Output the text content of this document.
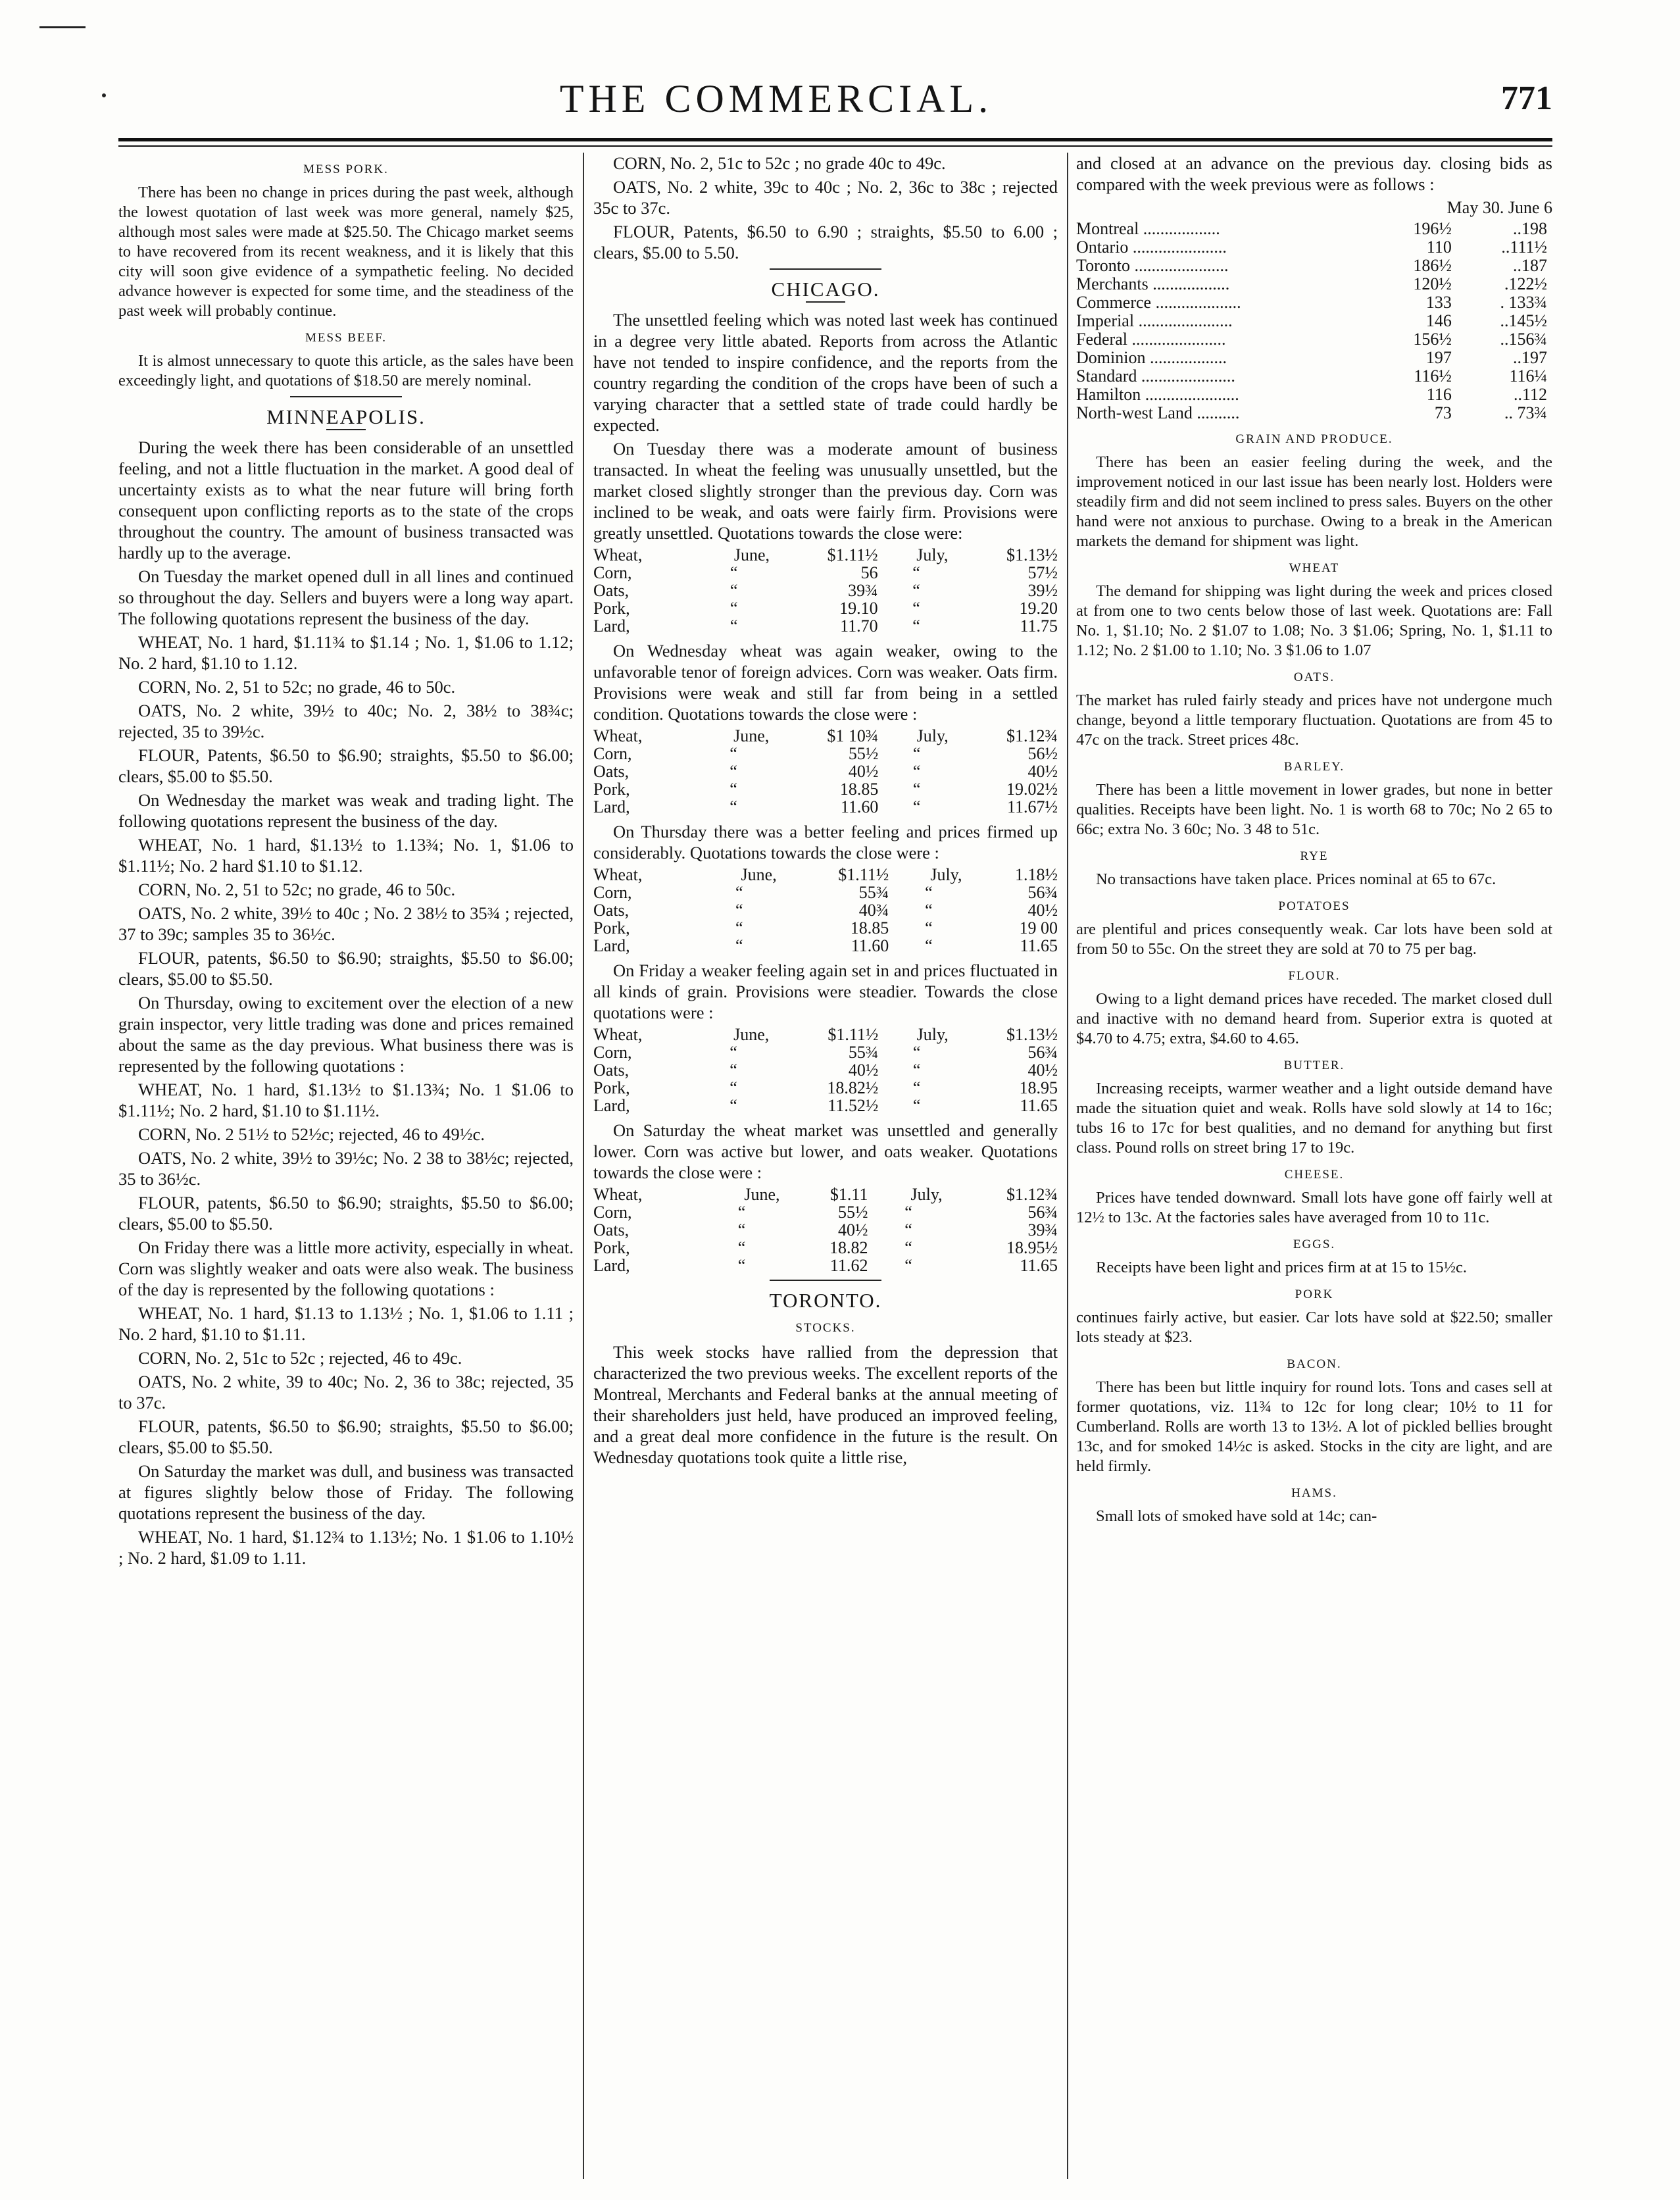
THE COMMERCIAL.	771
MESS PORK.

There has been no change in prices during the past week, although the lowest quotation of last week was more general, namely $25, although most sales were made at $25.50. The Chicago market seems to have recovered from its recent weakness, and it is likely that this city will soon give evidence of a sympathetic feeling. No decided advance however is expected for some time, and the steadiness of the past week will probably continue.

MESS BEEF.

It is almost unnecessary to quote this article, as the sales have been exceedingly light, and quotations of $18.50 are merely nominal.

MINNEAPOLIS.

During the week there has been considerable of an unsettled feeling, and not a little fluctuation in the market. A good deal of uncertainty exists as to what the near future will bring forth consequent upon conflicting reports as to the state of the crops throughout the country. The amount of business transacted was hardly up to the average.

On Tuesday the market opened dull in all lines and continued so throughout the day. Sellers and buyers were a long way apart. The following quotations represent the business of the day.

WHEAT, No. 1 hard, $1.11¾ to $1.14 ; No. 1, $1.06 to 1.12; No. 2 hard, $1.10 to 1.12.

CORN, No. 2, 51 to 52c; no grade, 46 to 50c.

OATS, No. 2 white, 39½ to 40c; No. 2, 38½ to 38¾c; rejected, 35 to 39½c.

FLOUR, Patents, $6.50 to $6.90; straights, $5.50 to $6.00; clears, $5.00 to $5.50.

On Wednesday the market was weak and trading light. The following quotations represent the business of the day.

WHEAT, No. 1 hard, $1.13½ to 1.13¾; No. 1, $1.06 to $1.11½; No. 2 hard $1.10 to $1.12.

CORN, No. 2, 51 to 52c; no grade, 46 to 50c.

OATS, No. 2 white, 39½ to 40c ; No. 2 38½ to 35¾ ; rejected, 37 to 39c; samples 35 to 36½c.

FLOUR, patents, $6.50 to $6.90; straights, $5.50 to $6.00; clears, $5.00 to $5.50.

On Thursday, owing to excitement over the election of a new grain inspector, very little trading was done and prices remained about the same as the day previous. What business there was is represented by the following quotations :

WHEAT, No. 1 hard, $1.13½ to $1.13¾; No. 1 $1.06 to $1.11½; No. 2 hard, $1.10 to $1.11½.

CORN, No. 2 51½ to 52½c; rejected, 46 to 49½c.

OATS, No. 2 white, 39½ to 39½c; No. 2 38 to 38½c; rejected, 35 to 36½c.

FLOUR, patents, $6.50 to $6.90; straights, $5.50 to $6.00; clears, $5.00 to $5.50.

On Friday there was a little more activity, especially in wheat. Corn was slightly weaker and oats were also weak. The business of the day is represented by the following quotations :

WHEAT, No. 1 hard, $1.13 to 1.13½ ; No. 1, $1.06 to 1.11 ; No. 2 hard, $1.10 to $1.11.

CORN, No. 2, 51c to 52c ; rejected, 46 to 49c.

OATS, No. 2 white, 39 to 40c; No. 2, 36 to 38c; rejected, 35 to 37c.

FLOUR, patents, $6.50 to $6.90; straights, $5.50 to $6.00; clears, $5.00 to $5.50.

On Saturday the market was dull, and business was transacted at figures slightly below those of Friday. The following quotations represent the business of the day.

WHEAT, No. 1 hard, $1.12¾ to 1.13½; No. 1 $1.06 to 1.10½ ; No. 2 hard, $1.09 to 1.11.

CORN, No. 2, 51c to 52c ; no grade 40c to 49c.

OATS, No. 2 white, 39c to 40c ; No. 2, 36c to 38c ; rejected 35c to 37c.

FLOUR, Patents, $6.50 to 6.90 ; straights, $5.50 to 6.00 ; clears, $5.00 to 5.50.

CHICAGO.

The unsettled feeling which was noted last week has continued in a degree very little abated. Reports from across the Atlantic have not tended to inspire confidence, and the reports from the country regarding the condition of the crops have been of such a varying character that a settled state of trade could hardly be expected.

On Tuesday there was a moderate amount of business transacted. In wheat the feeling was unusually unsettled, but the market closed slightly stronger than the previous day. Corn was inclined to be weak, and oats were fairly firm. Provisions were greatly unsettled. Quotations towards the close were:

Wheat,	June,	$1.11½	July,	$1.13½
Corn,	“	56	“	57½
Oats,	“	39¾	“	39½
Pork,	“	19.10	“	19.20
Lard,	“	11.70	“	11.75

On Wednesday wheat was again weaker, owing to the unfavorable tenor of foreign advices. Corn was weaker. Oats firm. Provisions were weak and still far from being in a settled condition. Quotations towards the close were :

Wheat,	June,	$1 10¾	July,	$1.12¾
Corn,	“	55½	“	56½
Oats,	“	40½	“	40½
Pork,	“	18.85	“	19.02½
Lard,	“	11.60	“	11.67½

On Thursday there was a better feeling and prices firmed up considerably. Quotations towards the close were :

Wheat,	June,	$1.11½	July,	1.18½
Corn,	“	55¾	“	56¾
Oats,	“	40¾	“	40½
Pork,	“	18.85	“	19 00
Lard,	“	11.60	“	11.65

On Friday a weaker feeling again set in and prices fluctuated in all kinds of grain. Provisions were steadier. Towards the close quotations were :

Wheat,	June,	$1.11½	July,	$1.13½
Corn,	“	55¾	“	56¾
Oats,	“	40½	“	40½
Pork,	“	18.82½	“	18.95
Lard,	“	11.52½	“	11.65

On Saturday the wheat market was unsettled and generally lower. Corn was active but lower, and oats weaker. Quotations towards the close were :

Wheat,	June,	$1.11	July,	$1.12¾
Corn,	“	55½	“	56¾
Oats,	“	40½	“	39¾
Pork,	“	18.82	“	18.95½
Lard,	“	11.62	“	11.65
TORONTO.
STOCKS.

This week stocks have rallied from the depression that characterized the two previous weeks. The excellent reports of the Montreal, Merchants and Federal banks at the annual meeting of their shareholders just held, have produced an improved feeling, and a great deal more confidence in the future is the result. On Wednesday quotations took quite a little rise,

and closed at an advance on the previous day. closing bids as compared with the week previous were as follows :

May 30. June 6
Montreal ..................	196½	..198
Ontario ......................	110	..111½
Toronto ......................	186½	..187
Merchants ..................	120½	.122½
Commerce ....................	133	. 133¾
Imperial ......................	146	..145½
Federal ......................	156½	..156¾
Dominion ..................	197	..197
Standard ......................	116½	116¼
Hamilton ......................	116	..112
North-west Land ..........	73	.. 73¾
GRAIN AND PRODUCE.

There has been an easier feeling during the week, and the improvement noticed in our last issue has been nearly lost. Holders were steadily firm and did not seem inclined to press sales. Buyers on the other hand were not anxious to purchase. Owing to a break in the American markets the demand for shipment was light.

WHEAT

The demand for shipping was light during the week and prices closed at from one to two cents below those of last week. Quotations are: Fall No. 1, $1.10; No. 2 $1.07 to 1.08; No. 3 $1.06; Spring, No. 1, $1.11 to 1.12; No. 2 $1.00 to 1.10; No. 3 $1.06 to 1.07

OATS.

The market has ruled fairly steady and prices have not undergone much change, beyond a little temporary fluctuation. Quotations are from 45 to 47c on the track. Street prices 48c.

BARLEY.

There has been a little movement in lower grades, but none in better qualities. Receipts have been light. No. 1 is worth 68 to 70c; No 2 65 to 66c; extra No. 3 60c; No. 3 48 to 51c.

RYE

No transactions have taken place. Prices nominal at 65 to 67c.

POTATOES

are plentiful and prices consequently weak. Car lots have been sold at from 50 to 55c. On the street they are sold at 70 to 75 per bag.

FLOUR.

Owing to a light demand prices have receded. The market closed dull and inactive with no demand heard from. Superior extra is quoted at $4.70 to 4.75; extra, $4.60 to 4.65.

BUTTER.

Increasing receipts, warmer weather and a light outside demand have made the situation quiet and weak. Rolls have sold slowly at 14 to 16c; tubs 16 to 17c for best qualities, and no demand for anything but first class. Pound rolls on street bring 17 to 19c.

CHEESE.

Prices have tended downward. Small lots have gone off fairly well at 12½ to 13c. At the factories sales have averaged from 10 to 11c.

EGGS.

Receipts have been light and prices firm at at 15 to 15½c.

PORK

continues fairly active, but easier. Car lots have sold at $22.50; smaller lots steady at $23.

BACON.

There has been but little inquiry for round lots. Tons and cases sell at former quotations, viz. 11¾ to 12c for long clear; 10½ to 11 for Cumberland. Rolls are worth 13 to 13½. A lot of pickled bellies brought 13c, and for smoked 14½c is asked. Stocks in the city are light, and are held firmly.

HAMS.

Small lots of smoked have sold at 14c; can-
